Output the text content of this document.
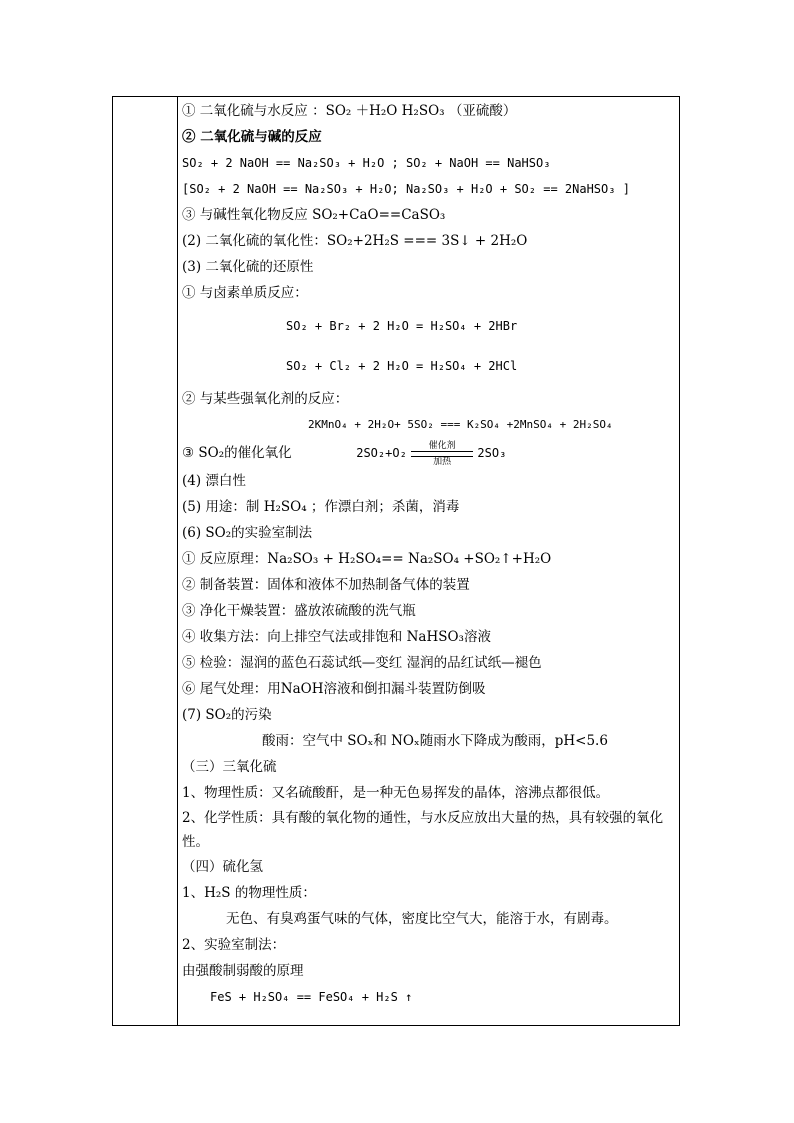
① 二氧化硫与水反应 ：SO₂ ＋H₂O H₂SO₃ （亚硫酸）
② 二氧化硫与碱的反应
SO₂ + 2 NaOH == Na₂SO₃ + H₂O ; SO₂ + NaOH == NaHSO₃
[SO₂ + 2 NaOH == Na₂SO₃ + H₂O; Na₂SO₃ + H₂O + SO₂ == 2NaHSO₃ ]
③ 与碱性氧化物反应 SO₂+CaO==CaSO₃
(2) 二氧化硫的氧化性：SO₂+2H₂S === 3S↓ + 2H₂O
(3) 二氧化硫的还原性
① 与卤素单质反应：
SO₂ + Br₂ + 2 H₂O = H₂SO₄ + 2HBr
SO₂ + Cl₂ + 2 H₂O = H₂SO₄ + 2HCl
② 与某些强氧化剂的反应：
2KMnO₄ + 2H₂O+ 5SO₂ === K₂SO₄ +2MnSO₄ + 2H₂SO₄
③ SO₂的催化氧化	2SO₂+O₂
催化剂
加热
2SO₃
(4) 漂白性
(5) 用途：制 H₂SO₄ ；作漂白剂；杀菌，消毒
(6) SO₂的实验室制法
① 反应原理：Na₂SO₃ + H₂SO₄== Na₂SO₄ +SO₂↑+H₂O
② 制备装置：固体和液体不加热制备气体的装置
③ 净化干燥装置：盛放浓硫酸的洗气瓶
④ 收集方法：向上排空气法或排饱和 NaHSO₃溶液
⑤ 检验：湿润的蓝色石蕊试纸—变红 湿润的品红试纸—褪色
⑥ 尾气处理：用NaOH溶液和倒扣漏斗装置防倒吸
(7) SO₂的污染
酸雨：空气中 SOₓ和 NOₓ随雨水下降成为酸雨，pH<5.6
（三）三氧化硫
1、物理性质：又名硫酸酐，是一种无色易挥发的晶体，溶沸点都很低。
2、化学性质：具有酸的氧化物的通性，与水反应放出大量的热，具有较强的氧化性。
（四）硫化氢
1、H₂S 的物理性质：
无色、有臭鸡蛋气味的气体，密度比空气大，能溶于水，有剧毒。
2、实验室制法：
由强酸制弱酸的原理
FeS + H₂SO₄ == FeSO₄ + H₂S ↑
